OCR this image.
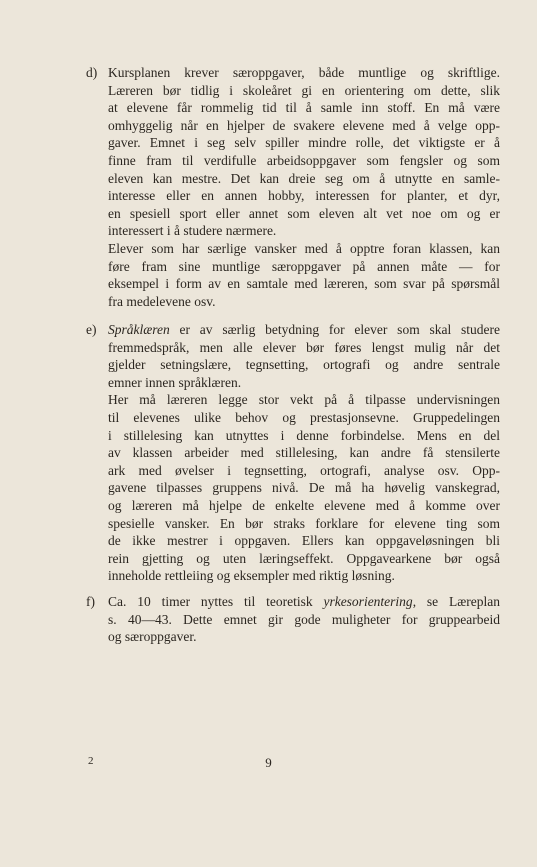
d) Kursplanen krever særoppgaver, både muntlige og skriftlige.
Læreren bør tidlig i skoleåret gi en orientering om dette, slik
at elevene får rommelig tid til å samle inn stoff. En må være
omhyggelig når en hjelper de svakere elevene med å velge opp-
gaver. Emnet i seg selv spiller mindre rolle, det viktigste er å
finne fram til verdifulle arbeidsoppgaver som fengsler og som
eleven kan mestre. Det kan dreie seg om å utnytte en samle-
interesse eller en annen hobby, interessen for planter, et dyr,
en spesiell sport eller annet som eleven alt vet noe om og er
interessert i å studere nærmere.
Elever som har særlige vansker med å opptre foran klassen, kan
føre fram sine muntlige særoppgaver på annen måte — for
eksempel i form av en samtale med læreren, som svar på spørsmål
fra medelevene osv.
e) Språklæren er av særlig betydning for elever som skal studere
fremmedspråk, men alle elever bør føres lengst mulig når det
gjelder setningslære, tegnsetting, ortografi og andre sentrale
emner innen språklæren.
Her må læreren legge stor vekt på å tilpasse undervisningen
til elevenes ulike behov og prestasjonsevne. Gruppedelingen
i stillelesing kan utnyttes i denne forbindelse. Mens en del
av klassen arbeider med stillelesing, kan andre få stensilerte
ark med øvelser i tegnsetting, ortografi, analyse osv. Opp-
gavene tilpasses gruppens nivå. De må ha høvelig vanskegrad,
og læreren må hjelpe de enkelte elevene med å komme over
spesielle vansker. En bør straks forklare for elevene ting som
de ikke mestrer i oppgaven. Ellers kan oppgaveløsningen bli
rein gjetting og uten læringseffekt. Oppgavearkene bør også
inneholde rettleiing og eksempler med riktig løsning.
f) Ca. 10 timer nyttes til teoretisk yrkesorientering, se Læreplan
s. 40—43. Dette emnet gir gode muligheter for gruppearbeid
og særoppgaver.
2	9
